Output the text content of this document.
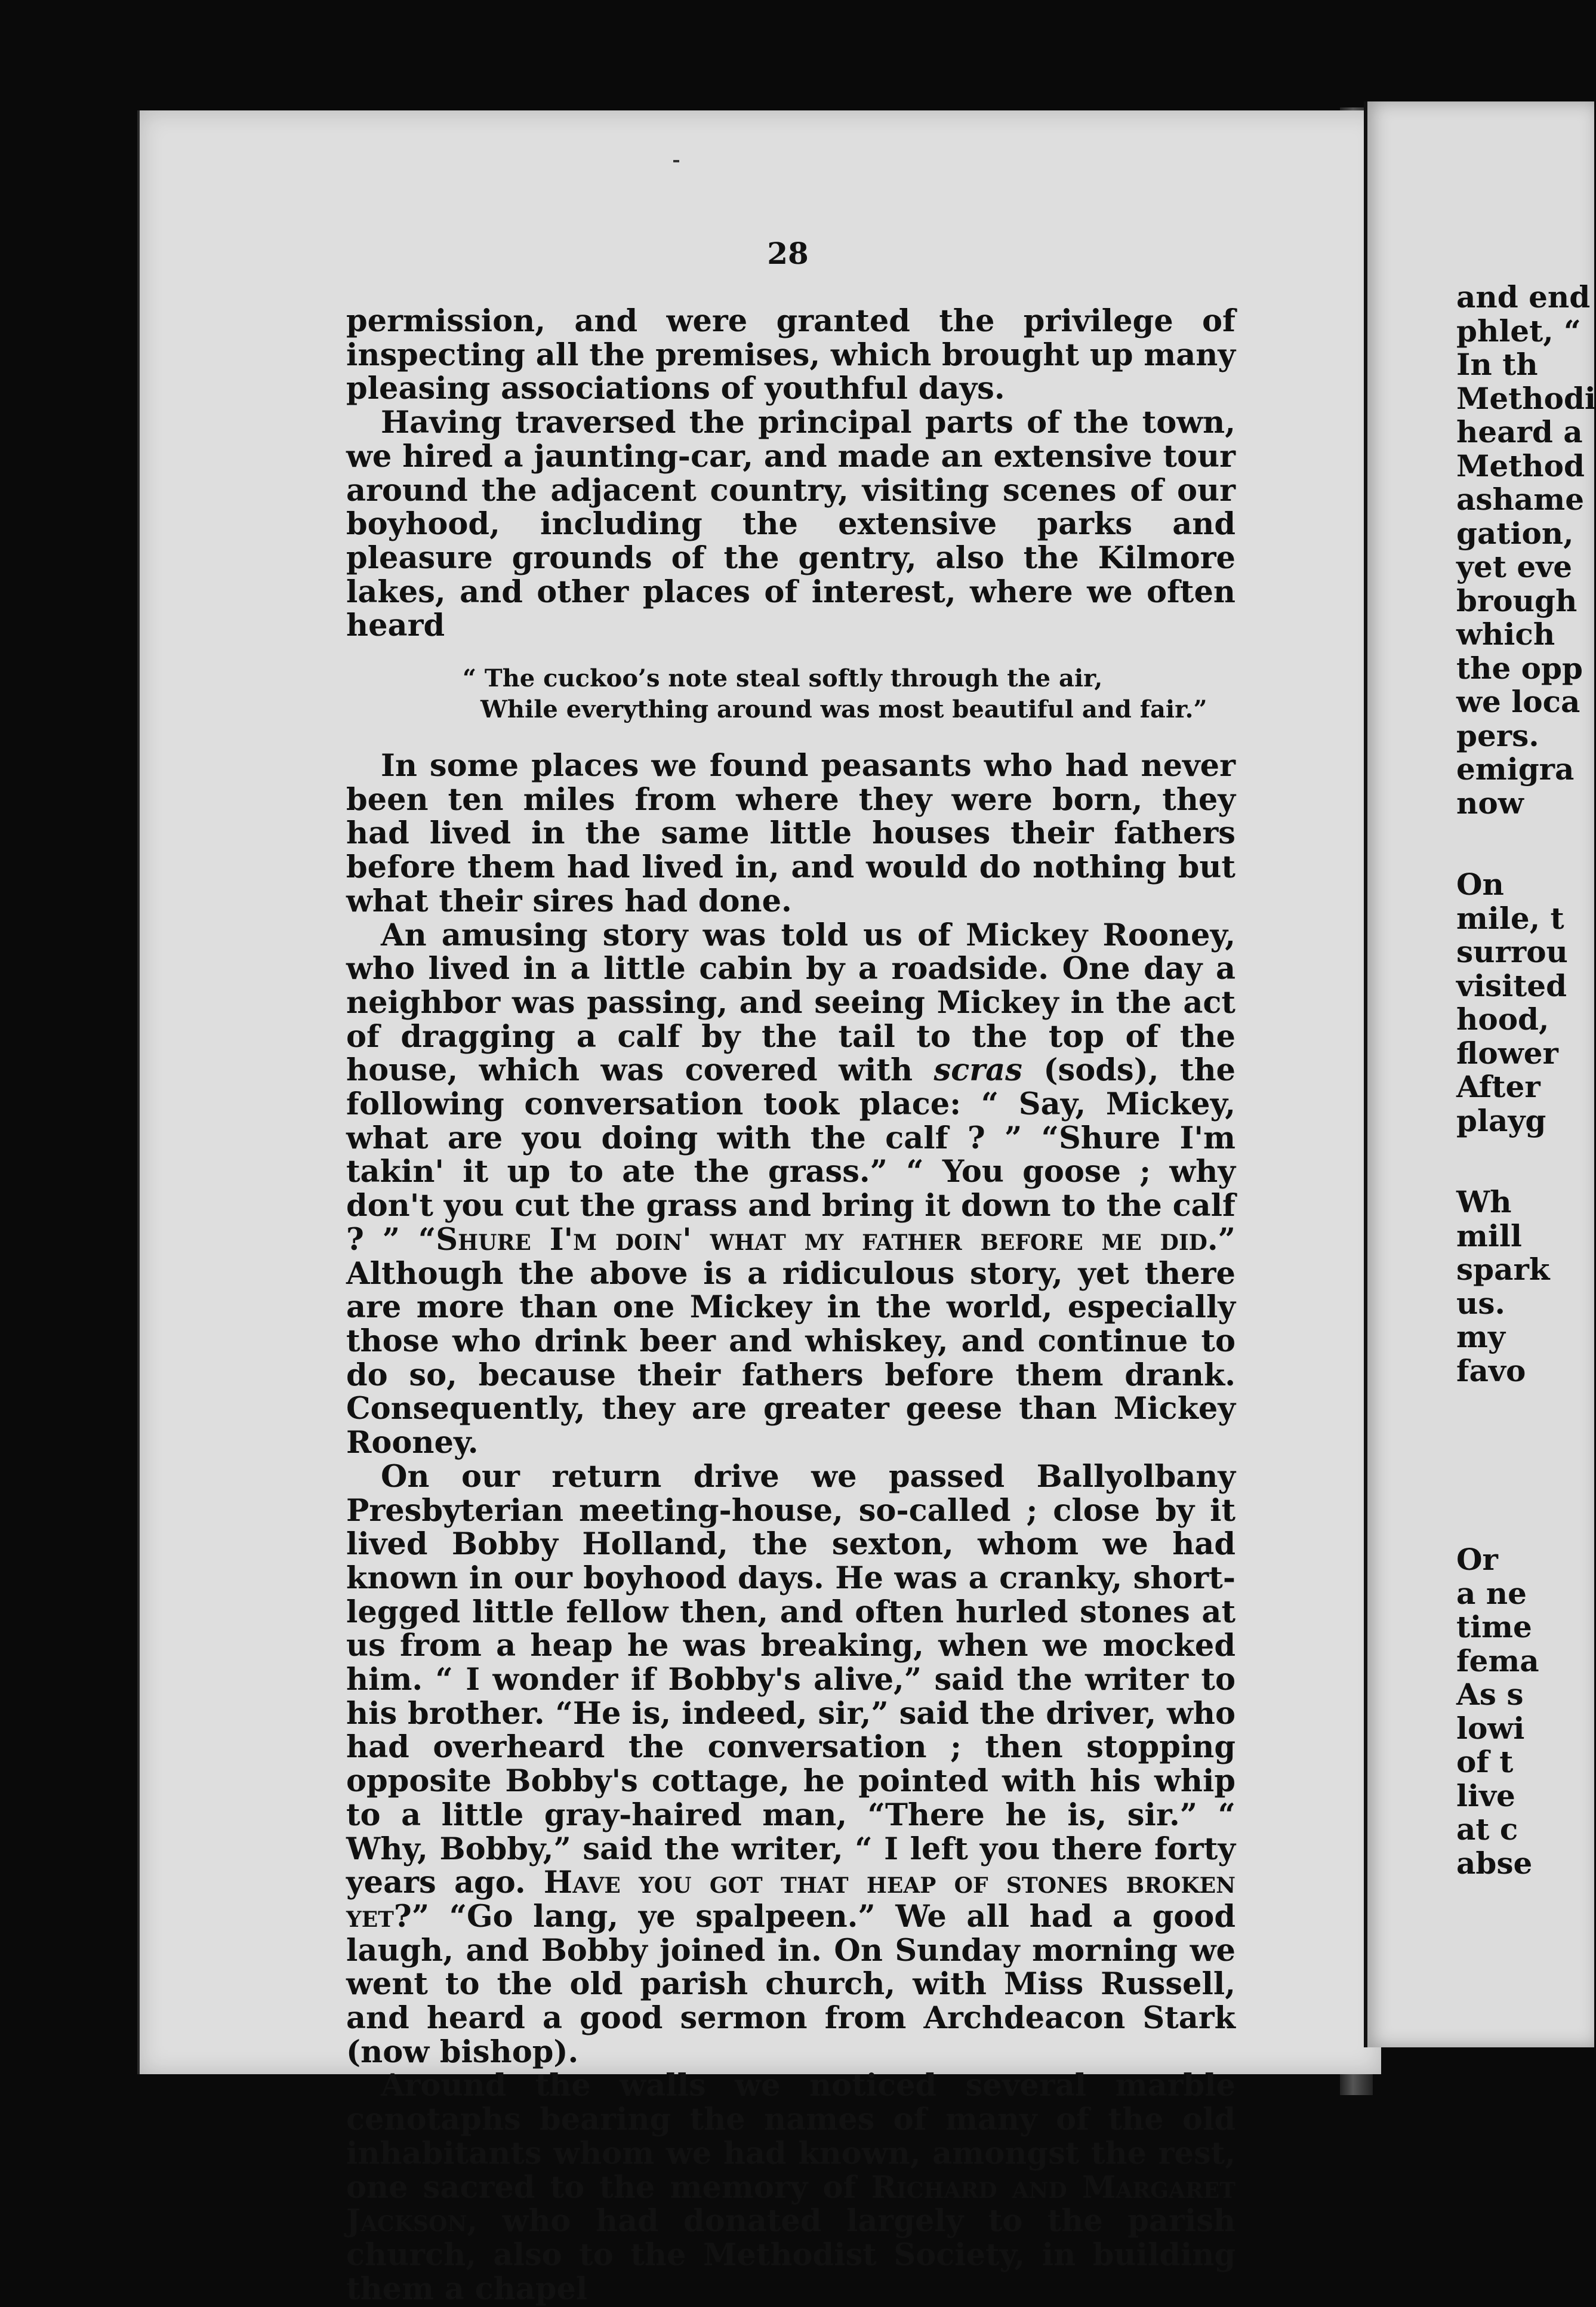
28

permission, and were granted the privilege of inspecting all the premises, which brought up many pleasing associations of youthful days.

Having traversed the principal parts of the town, we hired a jaunting-car, and made an extensive tour around the adjacent country, visiting scenes of our boyhood, including the extensive parks and pleasure grounds of the gentry, also the Kilmore lakes, and other places of interest, where we often heard

“ The cuckoo’s note steal softly through the air,
While everything around was most beautiful and fair.”

In some places we found peasants who had never been ten miles from where they were born, they had lived in the same little houses their fathers before them had lived in, and would do nothing but what their sires had done.

An amusing story was told us of Mickey Rooney, who lived in a little cabin by a roadside. One day a neighbor was passing, and seeing Mickey in the act of dragging a calf by the tail to the top of the house, which was covered with scras (sods), the following conversation took place: “ Say, Mickey, what are you doing with the calf ? ” “Shure I'm takin' it up to ate the grass.” “ You goose ; why don't you cut the grass and bring it down to the calf ? ” “Shure I'm doin' what my father before me did.” Although the above is a ridiculous story, yet there are more than one Mickey in the world, especially those who drink beer and whiskey, and continue to do so, because their fathers before them drank. Consequently, they are greater geese than Mickey Rooney.

On our return drive we passed Ballyolbany Presbyterian meeting-house, so-called ; close by it lived Bobby Holland, the sexton, whom we had known in our boyhood days. He was a cranky, short-legged little fellow then, and often hurled stones at us from a heap he was breaking, when we mocked him. “ I wonder if Bobby's alive,” said the writer to his brother. “He is, indeed, sir,” said the driver, who had overheard the conversation ; then stopping opposite Bobby's cottage, he pointed with his whip to a little gray-haired man, “There he is, sir.” “ Why, Bobby,” said the writer, “ I left you there forty years ago. Have you got that heap of stones broken yet?” “Go lang, ye spalpeen.” We all had a good laugh, and Bobby joined in. On Sunday morning we went to the old parish church, with Miss Russell, and heard a good sermon from Archdeacon Stark (now bishop).

Around the walls we noticed several marble cenotaphs bearing the names of many of the old inhabitants whom we had known, amongst the rest, one sacred to the memory of Richard and Margaret Jackson, who had donated largely to the parish church, also to the Methodist Society, in building them a chapel

and end
phlet, “
In th
Methodi
heard a
Method
ashame
gation,
yet eve
brough
which
the opp
we loca
pers.
emigra
now
On
mile, t
surrou
visited
hood,
flower
After
playg
Wh
mill
spark
us.
my
favo
Or
a ne
time
fema
As s
lowi
of t
live
at c
abse
